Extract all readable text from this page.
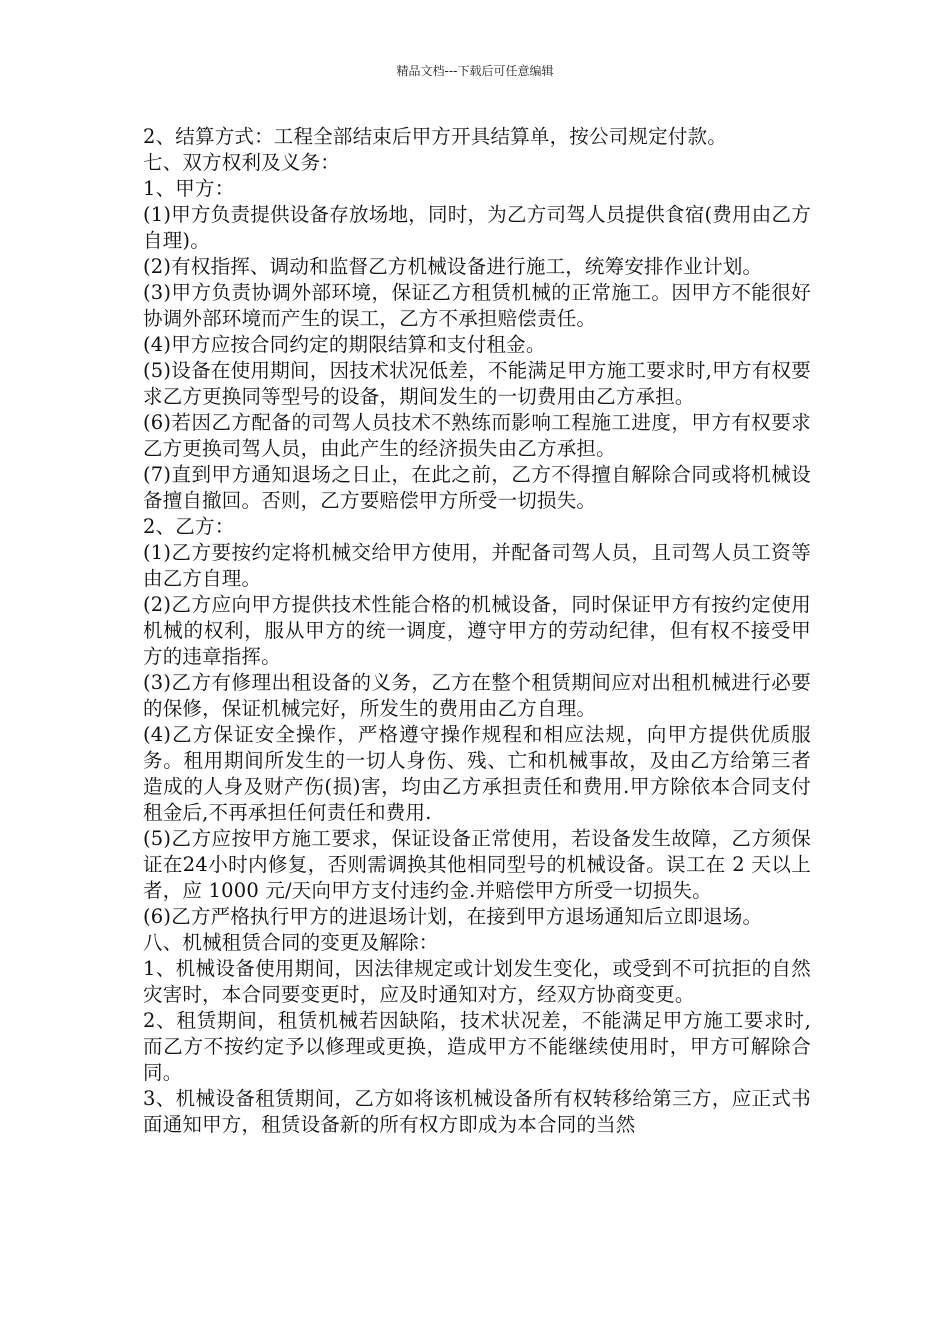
精品文档---下载后可任意编辑

2、结算方式：工程全部结束后甲方开具结算单，按公司规定付款。

七、双方权利及义务：

1、甲方：

(1)甲方负责提供设备存放场地，同时，为乙方司驾人员提供食宿(费用由乙方自理)。

(2)有权指挥、调动和监督乙方机械设备进行施工，统筹安排作业计划。

(3)甲方负责协调外部环境，保证乙方租赁机械的正常施工。因甲方不能很好协调外部环境而产生的误工，乙方不承担赔偿责任。

(4)甲方应按合同约定的期限结算和支付租金。

(5)设备在使用期间，因技术状况低差，不能满足甲方施工要求时,甲方有权要求乙方更换同等型号的设备，期间发生的一切费用由乙方承担。

(6)若因乙方配备的司驾人员技术不熟练而影响工程施工进度，甲方有权要求乙方更换司驾人员，由此产生的经济损失由乙方承担。

(7)直到甲方通知退场之日止，在此之前，乙方不得擅自解除合同或将机械设备擅自撤回。否则，乙方要赔偿甲方所受一切损失。

2、乙方：

(1)乙方要按约定将机械交给甲方使用，并配备司驾人员，且司驾人员工资等由乙方自理。

(2)乙方应向甲方提供技术性能合格的机械设备，同时保证甲方有按约定使用机械的权利，服从甲方的统一调度，遵守甲方的劳动纪律，但有权不接受甲方的违章指挥。

(3)乙方有修理出租设备的义务，乙方在整个租赁期间应对出租机械进行必要的保修，保证机械完好，所发生的费用由乙方自理。

(4)乙方保证安全操作，严格遵守操作规程和相应法规，向甲方提供优质服务。租用期间所发生的一切人身伤、残、亡和机械事故，及由乙方给第三者造成的人身及财产伤(损)害，均由乙方承担责任和费用.甲方除依本合同支付租金后,不再承担任何责任和费用.

(5)乙方应按甲方施工要求，保证设备正常使用，若设备发生故障，乙方须保证在24小时内修复，否则需调换其他相同型号的机械设备。误工在 2 天以上者，应 1000 元/天向甲方支付违约金.并赔偿甲方所受一切损失。

(6)乙方严格执行甲方的进退场计划，在接到甲方退场通知后立即退场。

八、机械租赁合同的变更及解除：

1、机械设备使用期间，因法律规定或计划发生变化，或受到不可抗拒的自然灾害时，本合同要变更时，应及时通知对方，经双方协商变更。

2、租赁期间，租赁机械若因缺陷，技术状况差，不能满足甲方施工要求时,而乙方不按约定予以修理或更换，造成甲方不能继续使用时，甲方可解除合同。

3、机械设备租赁期间，乙方如将该机械设备所有权转移给第三方，应正式书面通知甲方，租赁设备新的所有权方即成为本合同的当然
